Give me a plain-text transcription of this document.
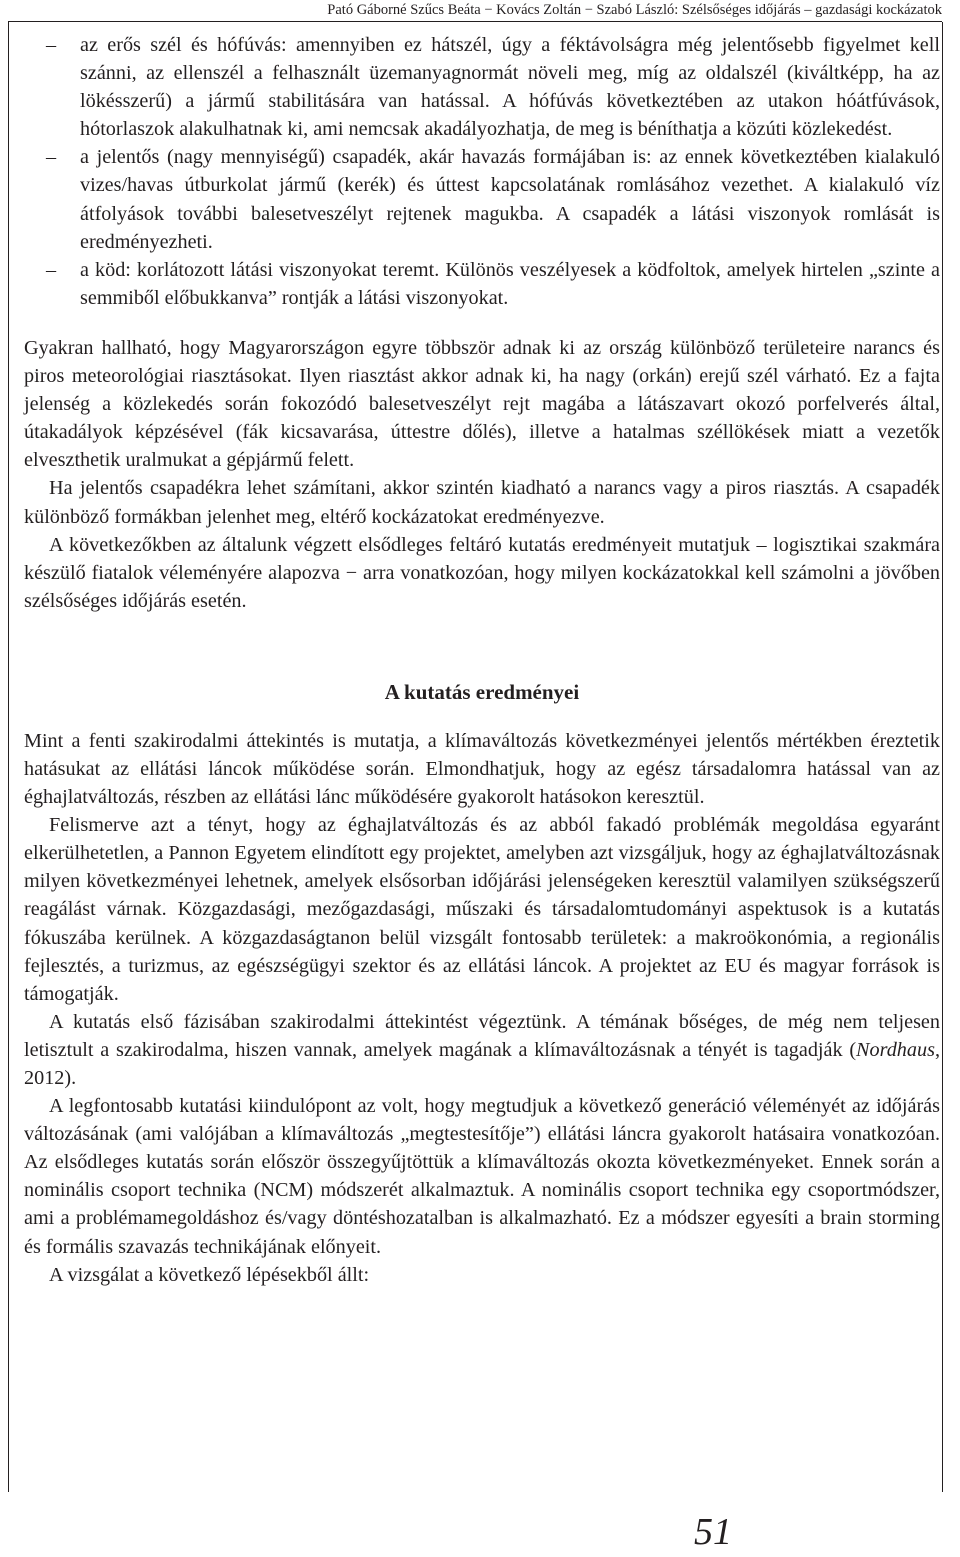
Pató Gáborné Szűcs Beáta − Kovács Zoltán − Szabó László: Szélsőséges időjárás – gazdasági kockázatok
– az erős szél és hófúvás: amennyiben ez hátszél, úgy a féktávolságra még jelentősebb figyelmet kell szánni, az ellenszél a felhasznált üzemanyagnormát növeli meg, míg az oldalszél (kiváltképp, ha az lökésszerű) a jármű stabilitására van hatással. A hófúvás következtében az utakon hóátfúvások, hótorlaszok alakulhatnak ki, ami nemcsak akadályozhatja, de meg is béníthatja a közúti közlekedést.
– a jelentős (nagy mennyiségű) csapadék, akár havazás formájában is: az ennek következtében kialakuló vizes/havas útburkolat jármű (kerék) és úttest kapcsolatának romlásához vezethet. A kialakuló víz átfolyások további balesetveszélyt rejtenek magukba. A csapadék a látási viszonyok romlását is eredményezheti.
– a köd: korlátozott látási viszonyokat teremt. Különös veszélyesek a ködfoltok, amelyek hirtelen „szinte a semmiből előbukkanva” rontják a látási viszonyokat.

Gyakran hallható, hogy Magyarországon egyre többször adnak ki az ország különböző területeire narancs és piros meteorológiai riasztásokat. Ilyen riasztást akkor adnak ki, ha nagy (orkán) erejű szél várható. Ez a fajta jelenség a közlekedés során fokozódó balesetveszélyt rejt magába a látászavart okozó porfelverés által, útakadályok képzésével (fák kicsavarása, úttestre dőlés), illetve a hatalmas széllökések miatt a vezetők elveszthetik uralmukat a gépjármű felett.

Ha jelentős csapadékra lehet számítani, akkor szintén kiadható a narancs vagy a piros riasztás. A csapadék különböző formákban jelenhet meg, eltérő kockázatokat eredményezve.

A következőkben az általunk végzett elsődleges feltáró kutatás eredményeit mutatjuk – logisztikai szakmára készülő fiatalok véleményére alapozva − arra vonatkozóan, hogy milyen kockázatokkal kell számolni a jövőben szélsőséges időjárás esetén.

A kutatás eredményei

Mint a fenti szakirodalmi áttekintés is mutatja, a klímaváltozás következményei jelentős mértékben éreztetik hatásukat az ellátási láncok működése során. Elmondhatjuk, hogy az egész társadalomra hatással van az éghajlatváltozás, részben az ellátási lánc működésére gyakorolt hatásokon keresztül.

Felismerve azt a tényt, hogy az éghajlatváltozás és az abból fakadó problémák megoldása egyaránt elkerülhetetlen, a Pannon Egyetem elindított egy projektet, amelyben azt vizsgáljuk, hogy az éghajlatváltozásnak milyen következményei lehetnek, amelyek elsősorban időjárási jelenségeken keresztül valamilyen szükségszerű reagálást várnak. Közgazdasági, mezőgazdasági, műszaki és társadalomtudományi aspektusok is a kutatás fókuszába kerülnek. A közgazdaságtanon belül vizsgált fontosabb területek: a makroökonómia, a regionális fejlesztés, a turizmus, az egészségügyi szektor és az ellátási láncok. A projektet az EU és magyar források is támogatják.

A kutatás első fázisában szakirodalmi áttekintést végeztünk. A témának bőséges, de még nem teljesen letisztult a szakirodalma, hiszen vannak, amelyek magának a klímaváltozásnak a tényét is tagadják (Nordhaus, 2012).

A legfontosabb kutatási kiindulópont az volt, hogy megtudjuk a következő generáció véleményét az időjárás változásának (ami valójában a klímaváltozás „megtestesítője”) ellátási láncra gyakorolt hatásaira vonatkozóan. Az elsődleges kutatás során először összegyűjtöttük a klímaváltozás okozta következményeket. Ennek során a nominális csoport technika (NCM) módszerét alkalmaztuk. A nominális csoport technika egy csoportmódszer, ami a problémamegoldáshoz és/vagy döntéshozatalban is alkalmazható. Ez a módszer egyesíti a brain storming és formális szavazás technikájának előnyeit.

A vizsgálat a következő lépésekből állt:

51
